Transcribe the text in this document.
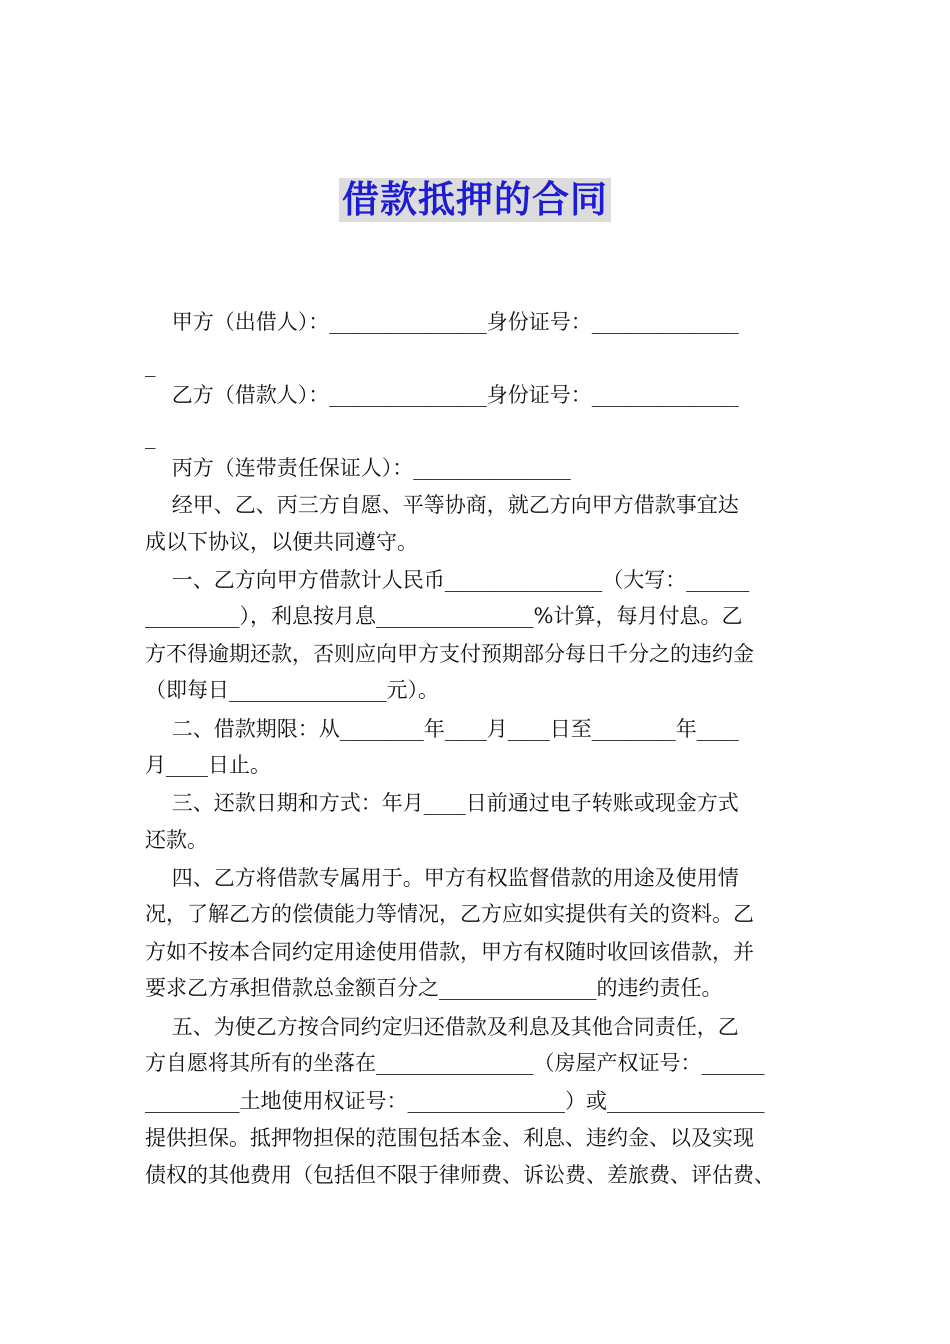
借款抵押的合同
甲方（出借人）：_______________身份证号：______________
_
乙方（借款人）：_______________身份证号：______________
_
丙方（连带责任保证人）：_______________
经甲、乙、丙三方自愿、平等协商，就乙方向甲方借款事宜达
成以下协议，以便共同遵守。
一、乙方向甲方借款计人民币_______________（大写：______
_________），利息按月息_______________%计算，每月付息。乙
方不得逾期还款，否则应向甲方支付预期部分每日千分之的违约金
（即每日_______________元）。
二、借款期限：从________年____月____日至________年____
月____日止。
三、还款日期和方式：年月____日前通过电子转账或现金方式
还款。
四、乙方将借款专属用于。甲方有权监督借款的用途及使用情
况，了解乙方的偿债能力等情况，乙方应如实提供有关的资料。乙
方如不按本合同约定用途使用借款，甲方有权随时收回该借款，并
要求乙方承担借款总金额百分之_______________的违约责任。
五、为使乙方按合同约定归还借款及利息及其他合同责任，乙
方自愿将其所有的坐落在_______________（房屋产权证号：______
_________土地使用权证号：_______________）或_______________
提供担保。抵押物担保的范围包括本金、利息、违约金、以及实现
债权的其他费用（包括但不限于律师费、诉讼费、差旅费、评估费、
